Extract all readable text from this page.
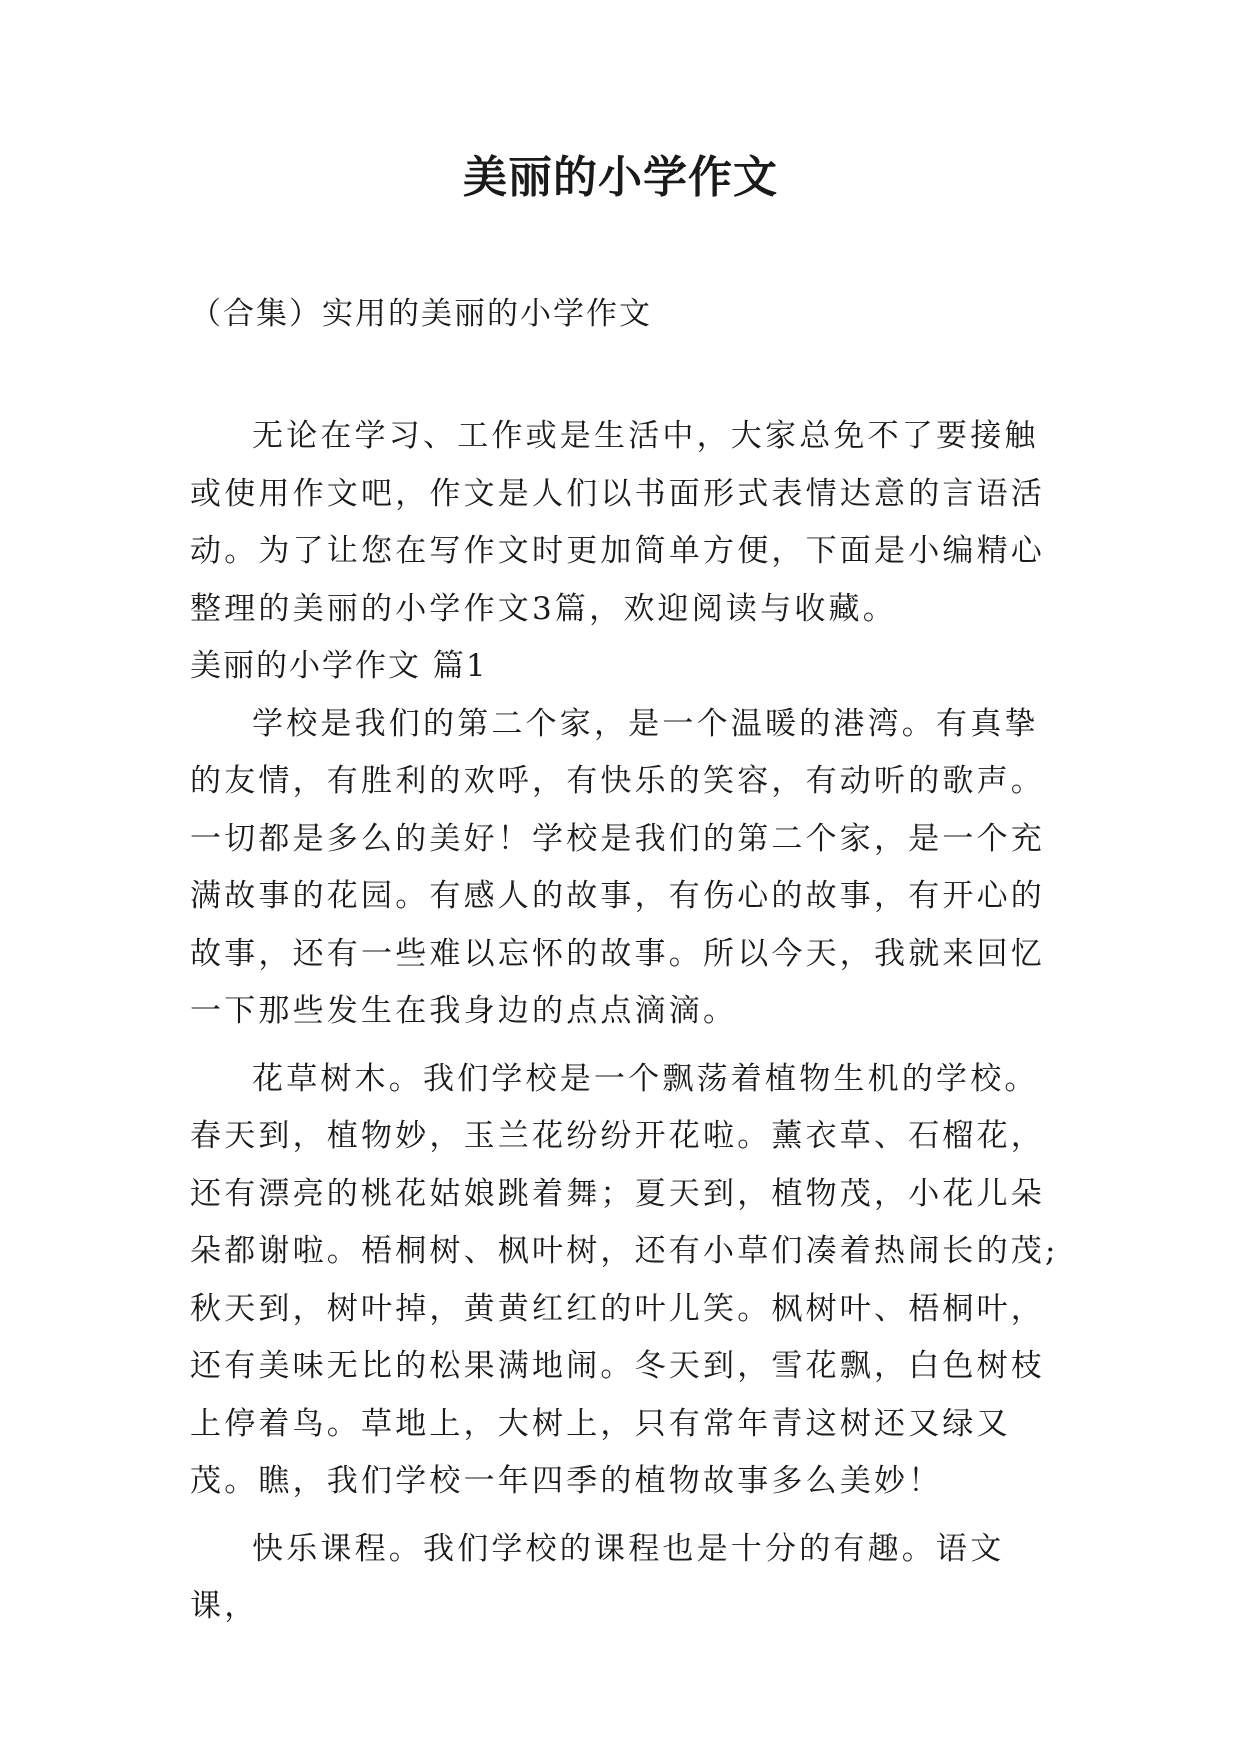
美丽的小学作文

（合集）实用的美丽的小学作文

无论在学习、工作或是生活中，大家总免不了要接触或使用作文吧，作文是人们以书面形式表情达意的言语活动。为了让您在写作文时更加简单方便，下面是小编精心整理的美丽的小学作文3篇，欢迎阅读与收藏。

美丽的小学作文 篇1

学校是我们的第二个家，是一个温暖的港湾。有真挚的友情，有胜利的欢呼，有快乐的笑容，有动听的歌声。一切都是多么的美好！学校是我们的第二个家，是一个充满故事的花园。有感人的故事，有伤心的故事，有开心的故事，还有一些难以忘怀的故事。所以今天，我就来回忆一下那些发生在我身边的点点滴滴。

花草树木。我们学校是一个飘荡着植物生机的学校。春天到，植物妙，玉兰花纷纷开花啦。薰衣草、石榴花，还有漂亮的桃花姑娘跳着舞；夏天到，植物茂，小花儿朵朵都谢啦。梧桐树、枫叶树，还有小草们凑着热闹长的茂;秋天到，树叶掉，黄黄红红的叶儿笑。枫树叶、梧桐叶，还有美味无比的松果满地闹。冬天到，雪花飘，白色树枝上停着鸟。草地上，大树上，只有常年青这树还又绿又茂。瞧，我们学校一年四季的植物故事多么美妙！

快乐课程。我们学校的课程也是十分的有趣。语文课，
